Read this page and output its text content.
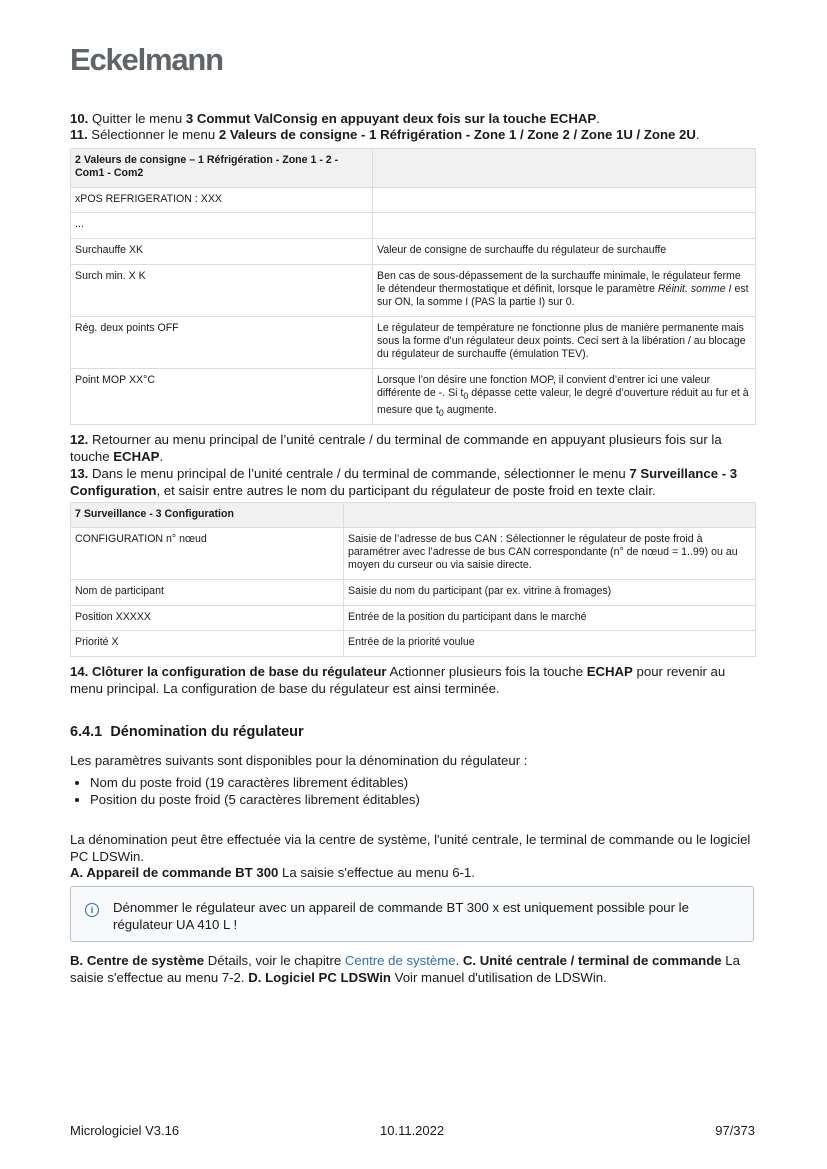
Eckelmann
10. Quitter le menu 3 Commut ValConsig en appuyant deux fois sur la touche ECHAP.
11. Sélectionner le menu 2 Valeurs de consigne - 1 Réfrigération - Zone 1 / Zone 2 / Zone 1U / Zone 2U.
2 Valeurs de consigne – 1 Réfrigération - Zone 1 - 2 - Com1 - Com2	
xPOS REFRIGERATION : XXX	
...	
Surchauffe XK	Valeur de consigne de surchauffe du régulateur de surchauffe
Surch min. X K	Ben cas de sous-dépassement de la surchauffe minimale, le régulateur ferme le détendeur thermostatique et définit, lorsque le paramètre Réinit. somme I est sur ON, la somme I (PAS la partie I) sur 0.
Rég. deux points OFF	Le régulateur de température ne fonctionne plus de manière permanente mais sous la forme d’un régulateur deux points. Ceci sert à la libération / au blocage du régulateur de surchauffe (émulation TEV).
Point MOP XX°C	Lorsque l’on désire une fonction MOP, il convient d’entrer ici une valeur différente de -. Si $t_0$ dépasse cette valeur, le degré d’ouverture réduit au fur et à mesure que $t_0$ augmente.
12. Retourner au menu principal de l’unité centrale / du terminal de commande en appuyant plusieurs fois sur la touche ECHAP.
13. Dans le menu principal de l’unité centrale / du terminal de commande, sélectionner le menu 7 Surveillance - 3 Configuration, et saisir entre autres le nom du participant du régulateur de poste froid en texte clair.
7 Surveillance - 3 Configuration	
CONFIGURATION n° nœud	Saisie de l’adresse de bus CAN : Sélectionner le régulateur de poste froid à paramétrer avec l’adresse de bus CAN correspondante (n° de nœud = 1..99) ou au moyen du curseur ou via saisie directe.
Nom de participant	Saisie du nom du participant (par ex. vitrine à fromages)
Position XXXXX	Entrée de la position du participant dans le marché
Priorité X	Entrée de la priorité voulue
14. Clôturer la configuration de base du régulateur Actionner plusieurs fois la touche ECHAP pour revenir au menu principal. La configuration de base du régulateur est ainsi terminée.
6.4.1 Dénomination du régulateur
Les paramètres suivants sont disponibles pour la dénomination du régulateur :
• Nom du poste froid (19 caractères librement éditables)
• Position du poste froid (5 caractères librement éditables)
La dénomination peut être effectuée via la centre de système, l'unité centrale, le terminal de commande ou le logiciel PC LDSWin.
A. Appareil de commande BT 300 La saisie s'effectue au menu 6-1.
i	Dénommer le régulateur avec un appareil de commande BT 300 x est uniquement possible pour le régulateur UA 410 L !
B. Centre de système Détails, voir le chapitre Centre de système. C. Unité centrale / terminal de commande La saisie s'effectue au menu 7-2. D. Logiciel PC LDSWin Voir manuel d'utilisation de LDSWin.
Micrologiciel V3.16	10.11.2022	97/373
